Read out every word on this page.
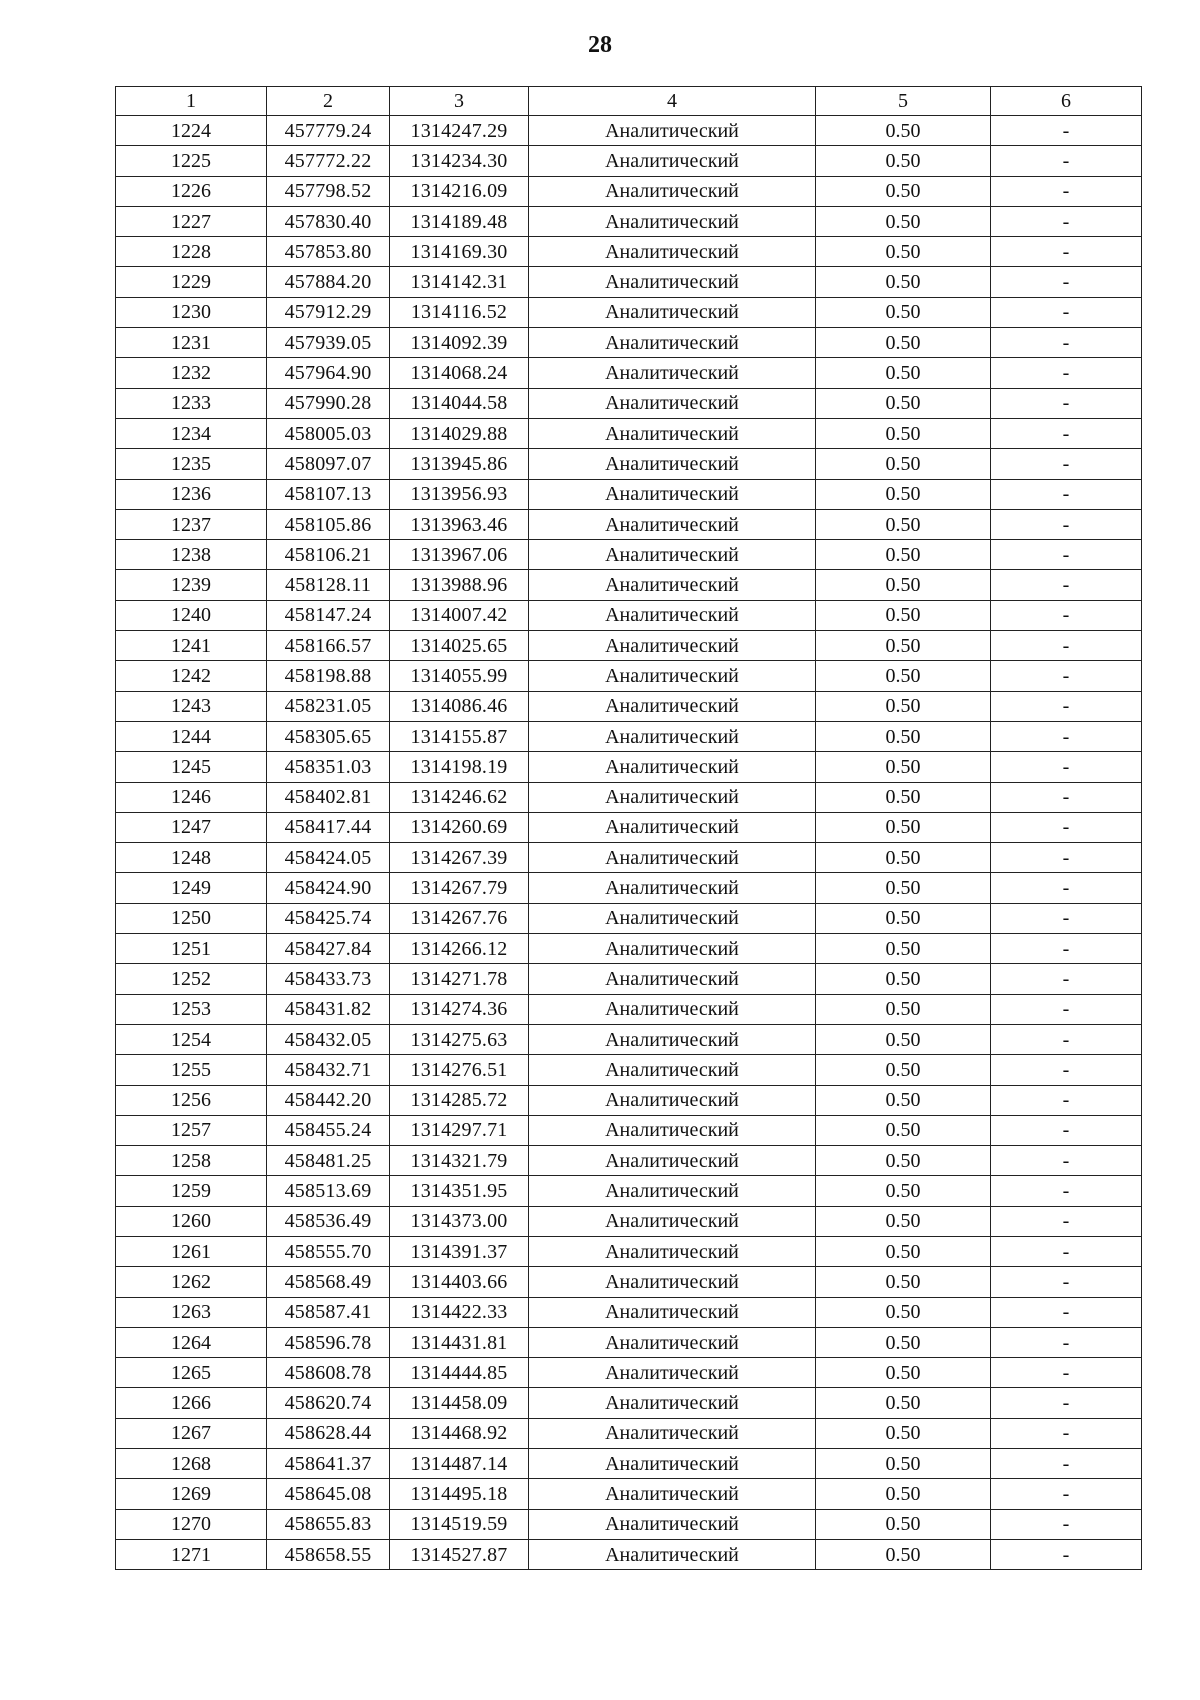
28
1	2	3	4	5	6
1224	457779.24	1314247.29	Аналитический	0.50	-
1225	457772.22	1314234.30	Аналитический	0.50	-
1226	457798.52	1314216.09	Аналитический	0.50	-
1227	457830.40	1314189.48	Аналитический	0.50	-
1228	457853.80	1314169.30	Аналитический	0.50	-
1229	457884.20	1314142.31	Аналитический	0.50	-
1230	457912.29	1314116.52	Аналитический	0.50	-
1231	457939.05	1314092.39	Аналитический	0.50	-
1232	457964.90	1314068.24	Аналитический	0.50	-
1233	457990.28	1314044.58	Аналитический	0.50	-
1234	458005.03	1314029.88	Аналитический	0.50	-
1235	458097.07	1313945.86	Аналитический	0.50	-
1236	458107.13	1313956.93	Аналитический	0.50	-
1237	458105.86	1313963.46	Аналитический	0.50	-
1238	458106.21	1313967.06	Аналитический	0.50	-
1239	458128.11	1313988.96	Аналитический	0.50	-
1240	458147.24	1314007.42	Аналитический	0.50	-
1241	458166.57	1314025.65	Аналитический	0.50	-
1242	458198.88	1314055.99	Аналитический	0.50	-
1243	458231.05	1314086.46	Аналитический	0.50	-
1244	458305.65	1314155.87	Аналитический	0.50	-
1245	458351.03	1314198.19	Аналитический	0.50	-
1246	458402.81	1314246.62	Аналитический	0.50	-
1247	458417.44	1314260.69	Аналитический	0.50	-
1248	458424.05	1314267.39	Аналитический	0.50	-
1249	458424.90	1314267.79	Аналитический	0.50	-
1250	458425.74	1314267.76	Аналитический	0.50	-
1251	458427.84	1314266.12	Аналитический	0.50	-
1252	458433.73	1314271.78	Аналитический	0.50	-
1253	458431.82	1314274.36	Аналитический	0.50	-
1254	458432.05	1314275.63	Аналитический	0.50	-
1255	458432.71	1314276.51	Аналитический	0.50	-
1256	458442.20	1314285.72	Аналитический	0.50	-
1257	458455.24	1314297.71	Аналитический	0.50	-
1258	458481.25	1314321.79	Аналитический	0.50	-
1259	458513.69	1314351.95	Аналитический	0.50	-
1260	458536.49	1314373.00	Аналитический	0.50	-
1261	458555.70	1314391.37	Аналитический	0.50	-
1262	458568.49	1314403.66	Аналитический	0.50	-
1263	458587.41	1314422.33	Аналитический	0.50	-
1264	458596.78	1314431.81	Аналитический	0.50	-
1265	458608.78	1314444.85	Аналитический	0.50	-
1266	458620.74	1314458.09	Аналитический	0.50	-
1267	458628.44	1314468.92	Аналитический	0.50	-
1268	458641.37	1314487.14	Аналитический	0.50	-
1269	458645.08	1314495.18	Аналитический	0.50	-
1270	458655.83	1314519.59	Аналитический	0.50	-
1271	458658.55	1314527.87	Аналитический	0.50	-
